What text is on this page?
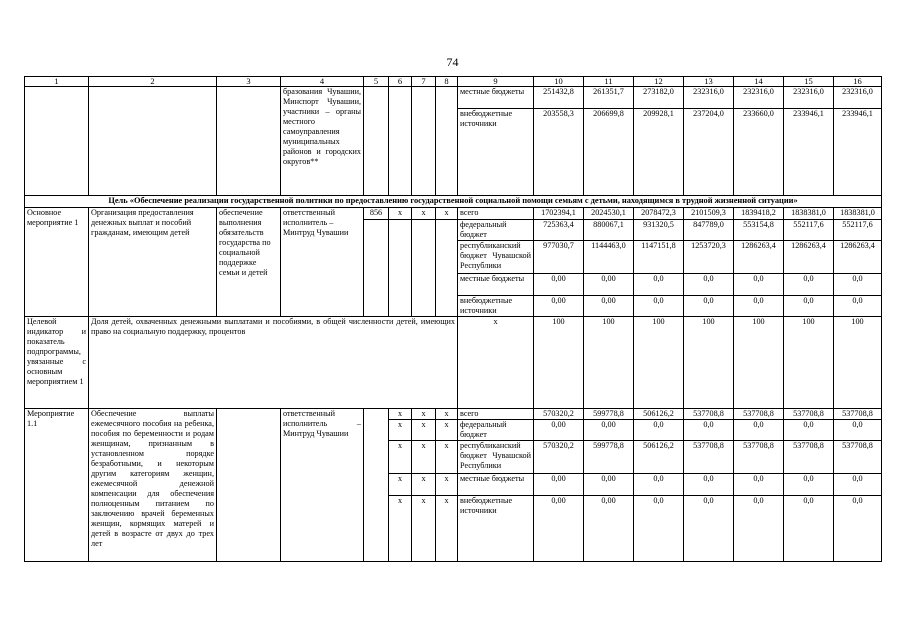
74
1	2	3	4	5	6	7	8	9	10	11	12	13	14	15	16
			бразования Чувашии, Минспорт Чувашии, участники – органы местного самоуправления муниципальных районов и городских округов**					местные бюджеты	251432,8	261351,7	273182,0	232316,0	232316,0	232316,0	232316,0
								внебюджетные источники	203558,3	206699,8	209928,1	237204,0	233660,0	233946,1	233946,1
Цель «Обеспечение реализации государственной политики по предоставлению государственной социальной помощи семьям с детьми, находящимся в трудной жизненной ситуации»															
Основное мероприятие 1	Организация предоставления денежных выплат и пособий гражданам, имеющим детей	обеспечение выполнения обязательств государства по социальной поддержке семьи и детей	ответственный исполнитель – Минтруд Чувашии	856	х	х	х	всего	1702394,1	2024530,1	2078472,3	2101509,3	1839418,2	1838381,0	1838381,0
								федеральный бюджет	725363,4	880067,1	931320,5	847789,0	553154,8	552117,6	552117,6
								республиканский бюджет Чувашской Республики	977030,7	1144463,0	1147151,8	1253720,3	1286263,4	1286263,4	1286263,4
								местные бюджеты	0,00	0,00	0,0	0,0	0,0	0,0	0,0
								внебюджетные источники	0,00	0,00	0,0	0,0	0,0	0,0	0,0
Целевой индикатор и показатель подпрограммы, увязанные с основным мероприятием 1	Доля детей, охваченных денежными выплатами и пособиями, в общей численности детей, имеющих право на социальную поддержку, процентов							х	100	100	100	100	100	100	100
Мероприятие 1.1	Обеспечение выплаты ежемесячного пособия на ребенка, пособия по беременности и родам женщинам, признанным в установленном порядке безработными, и некоторым другим категориям женщин, ежемесячной денежной компенсации для обеспечения полноценным питанием по заключению врачей беременных женщин, кормящих матерей и детей в возрасте от двух до трех лет		ответственный исполнитель – Минтруд Чувашии		х	х	х	всего	570320,2	599778,8	506126,2	537708,8	537708,8	537708,8	537708,8
					х	х	х	федеральный бюджет	0,00	0,00	0,0	0,0	0,0	0,0	0,0
					х	х	х	республиканский бюджет Чувашской Республики	570320,2	599778,8	506126,2	537708,8	537708,8	537708,8	537708,8
					х	х	х	местные бюджеты	0,00	0,00	0,0	0,0	0,0	0,0	0,0
					х	х	х	внебюджетные источники	0,00	0,00	0,0	0,0	0,0	0,0	0,0
